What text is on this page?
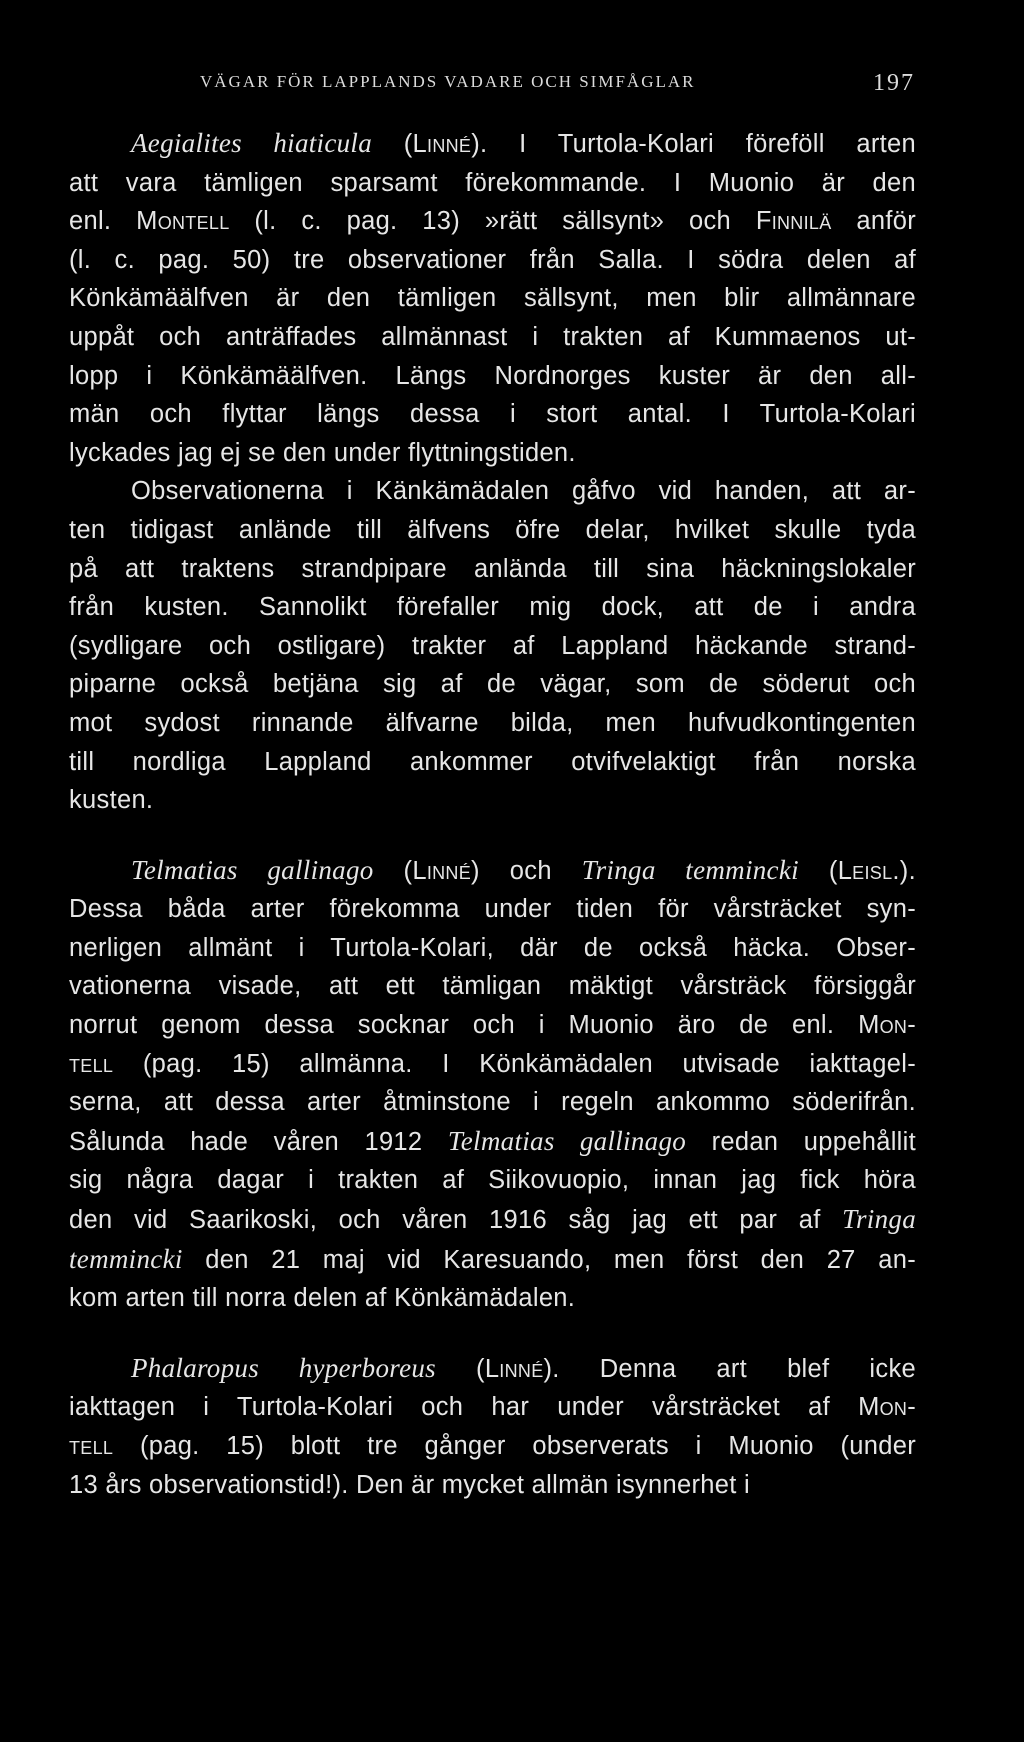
VÄGAR FÖR LAPPLANDS VADARE OCH SIMFÅGLAR	197
Aegialites hiaticula (Linné). I Turtola-Kolari föreföll arten
att vara tämligen sparsamt förekommande. I Muonio är den
enl. Montell (l. c. pag. 13) »rätt sällsynt» och Finnilä anför
(l. c. pag. 50) tre observationer från Salla. I södra delen af
Könkämäälfven är den tämligen sällsynt, men blir allmännare
uppåt och anträffades allmännast i trakten af Kummaenos ut-
lopp i Könkämäälfven. Längs Nordnorges kuster är den all-
män och flyttar längs dessa i stort antal. I Turtola-Kolari
lyckades jag ej se den under flyttningstiden.
Observationerna i Känkämädalen gåfvo vid handen, att ar-
ten tidigast anlände till älfvens öfre delar, hvilket skulle tyda
på att traktens strandpipare anlända till sina häckningslokaler
från kusten. Sannolikt förefaller mig dock, att de i andra
(sydligare och ostligare) trakter af Lappland häckande strand-
piparne också betjäna sig af de vägar, som de söderut och
mot sydost rinnande älfvarne bilda, men hufvudkontingenten
till nordliga Lappland ankommer otvifvelaktigt från norska
kusten.
Telmatias gallinago (Linné) och Tringa temmincki (Leisl.).
Dessa båda arter förekomma under tiden för vårsträcket syn-
nerligen allmänt i Turtola-Kolari, där de också häcka. Obser-
vationerna visade, att ett tämligan mäktigt vårsträck försiggår
norrut genom dessa socknar och i Muonio äro de enl. Mon-
tell (pag. 15) allmänna. I Könkämädalen utvisade iakttagel-
serna, att dessa arter åtminstone i regeln ankommo söderifrån.
Sålunda hade våren 1912 Telmatias gallinago redan uppehållit
sig några dagar i trakten af Siikovuopio, innan jag fick höra
den vid Saarikoski, och våren 1916 såg jag ett par af Tringa
temmincki den 21 maj vid Karesuando, men först den 27 an-
kom arten till norra delen af Könkämädalen.
Phalaropus hyperboreus (Linné). Denna art blef icke
iakttagen i Turtola-Kolari och har under vårsträcket af Mon-
tell (pag. 15) blott tre gånger observerats i Muonio (under
13 års observationstid!). Den är mycket allmän isynnerhet i
